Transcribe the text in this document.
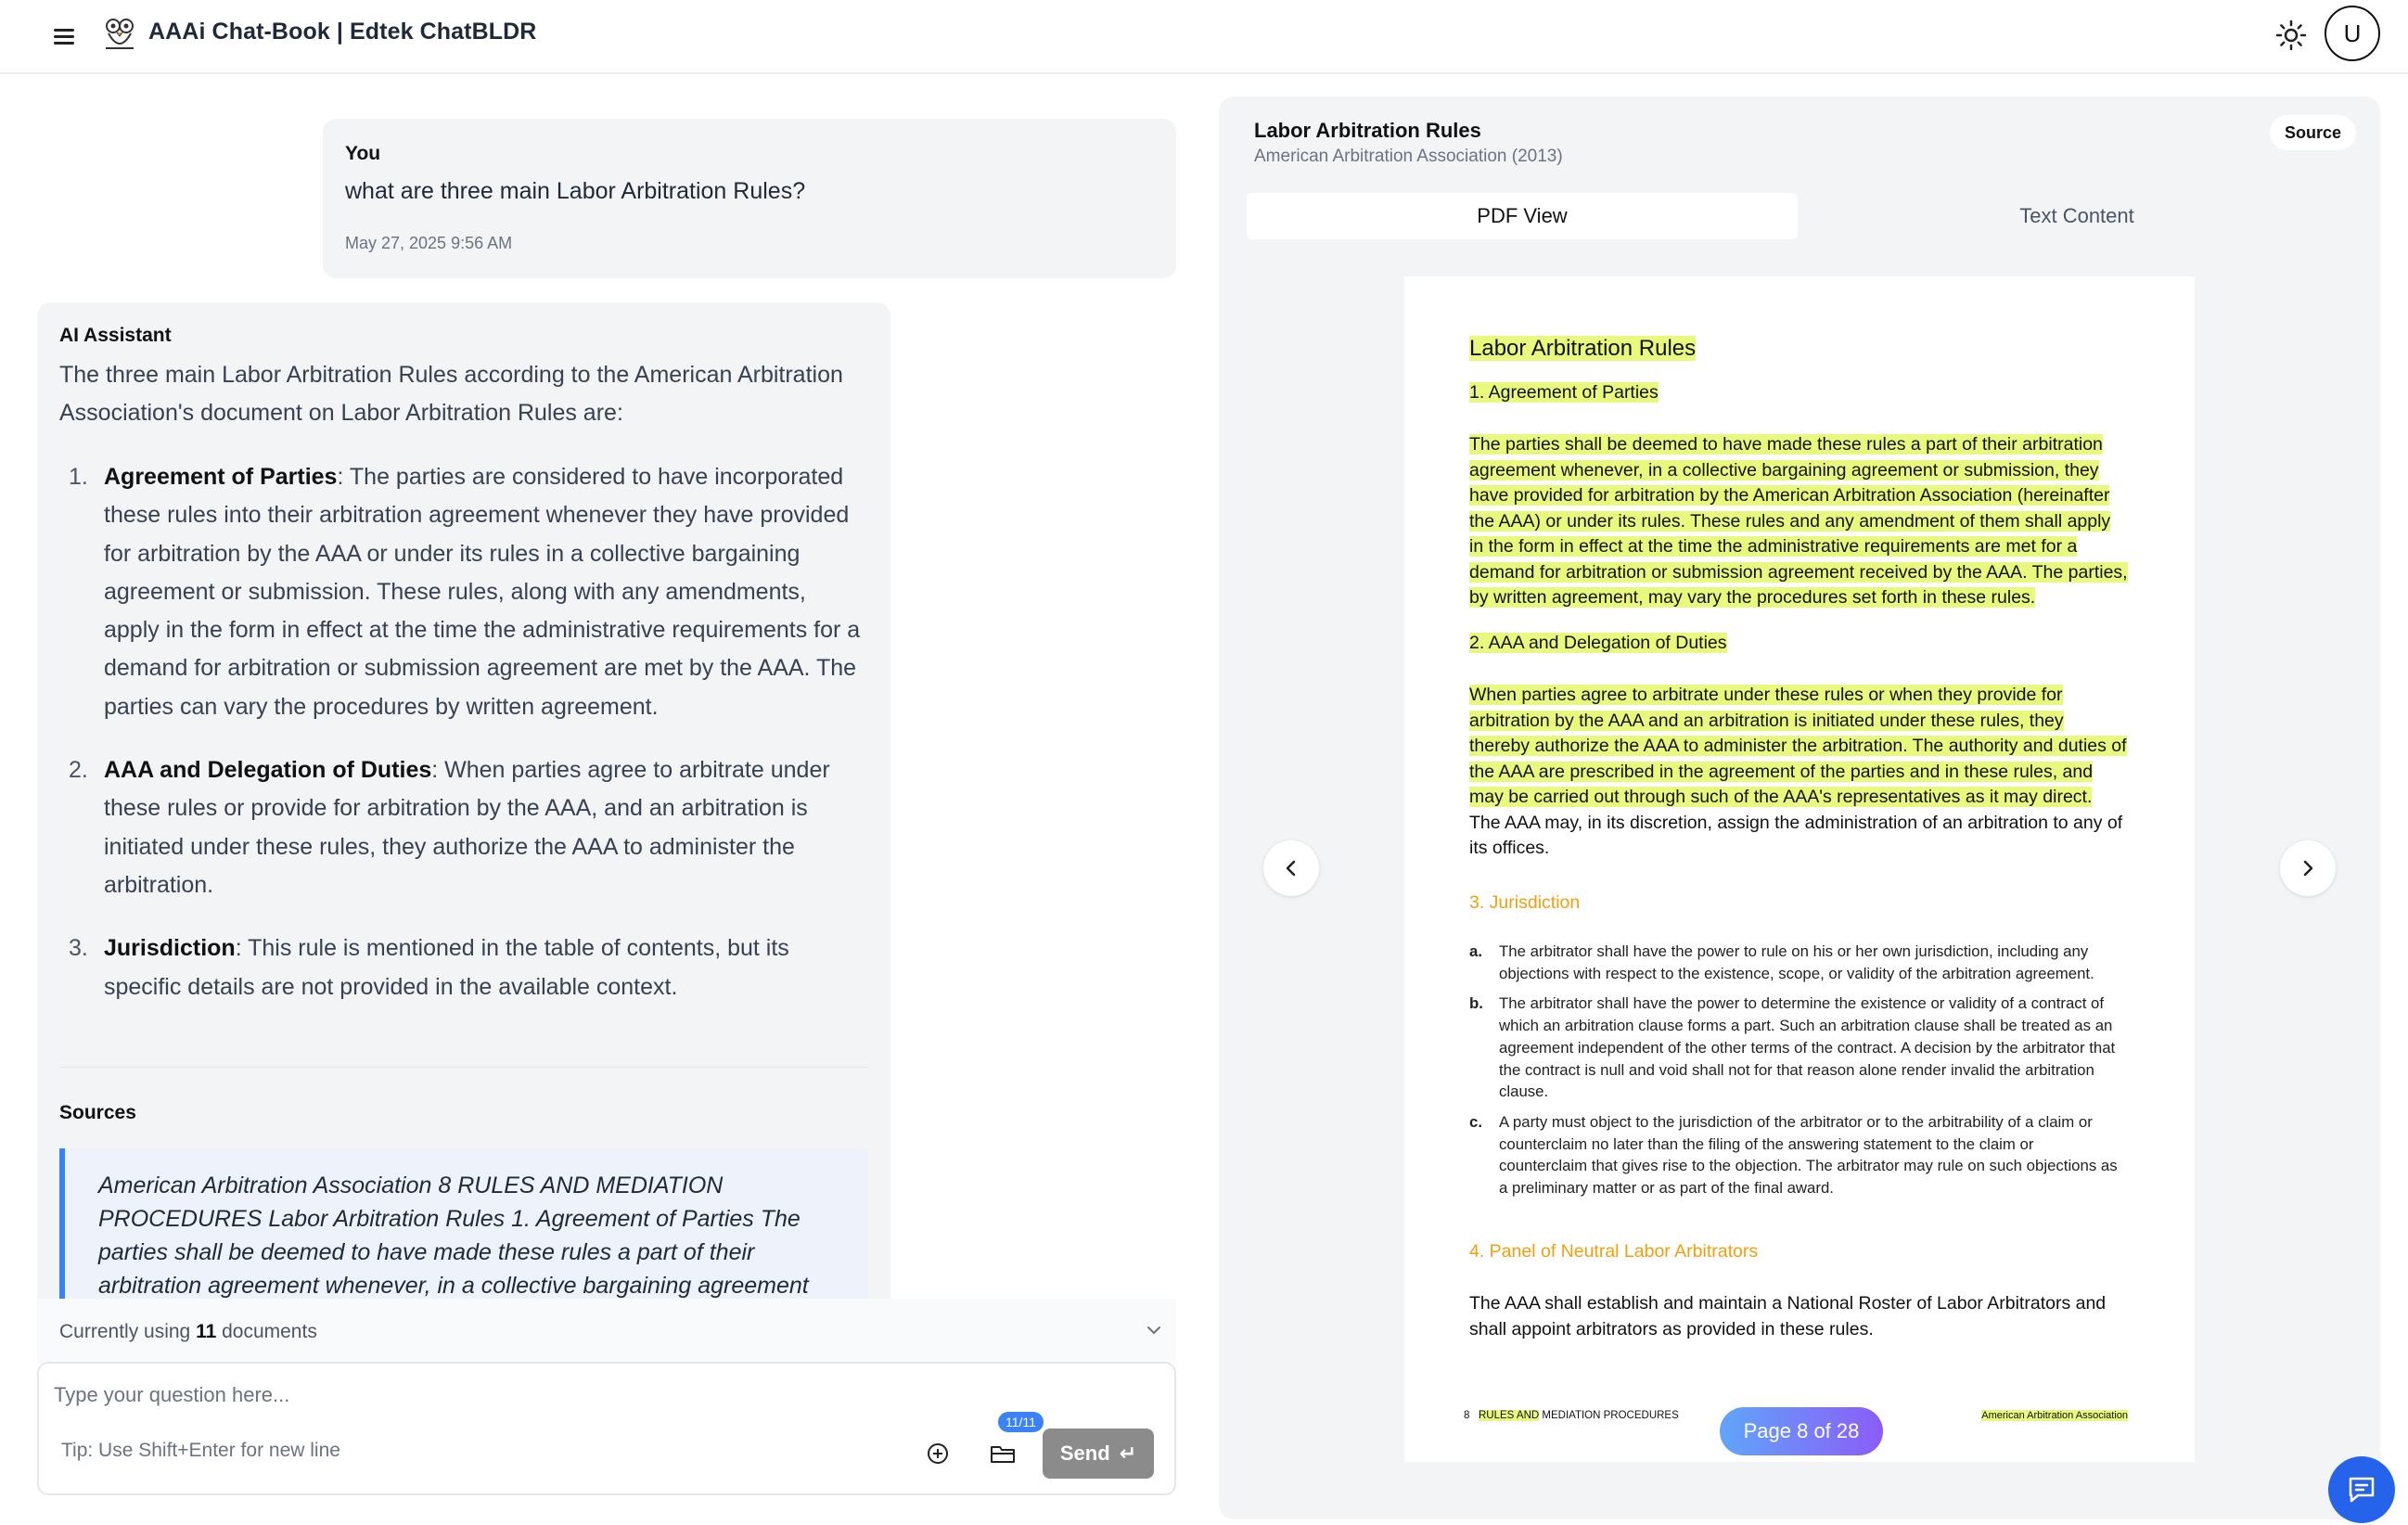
AAAi Chat-Book | Edtek ChatBLDR	U
You
what are three main Labor Arbitration Rules?
May 27, 2025 9:56 AM
AI Assistant
The three main Labor Arbitration Rules according to the American Arbitration Association's document on Labor Arbitration Rules are:
1. Agreement of Parties: The parties are considered to have incorporated these rules into their arbitration agreement whenever they have provided for arbitration by the AAA or under its rules in a collective bargaining agreement or submission. These rules, along with any amendments, apply in the form in effect at the time the administrative requirements for a demand for arbitration or submission agreement are met by the AAA. The parties can vary the procedures by written agreement.
2. AAA and Delegation of Duties: When parties agree to arbitrate under these rules or provide for arbitration by the AAA, and an arbitration is initiated under these rules, they authorize the AAA to administer the arbitration.
3. Jurisdiction: This rule is mentioned in the table of contents, but its specific details are not provided in the available context.
Sources
American Arbitration Association 8 RULES AND MEDIATION PROCEDURES Labor Arbitration Rules 1. Agreement of Parties The parties shall be deemed to have made these rules a part of their arbitration agreement whenever, in a collective bargaining agreement
Currently using 11 documents
Type your question here...
Tip: Use Shift+Enter for new line
11/11
Send ↵
Labor Arbitration Rules
American Arbitration Association (2013)
Source
PDF View	Text Content
Labor Arbitration Rules
1. Agreement of Parties
The parties shall be deemed to have made these rules a part of their arbitration agreement whenever, in a collective bargaining agreement or submission, they have provided for arbitration by the American Arbitration Association (hereinafter the AAA) or under its rules. These rules and any amendment of them shall apply in the form in effect at the time the administrative requirements are met for a demand for arbitration or submission agreement received by the AAA. The parties, by written agreement, may vary the procedures set forth in these rules.
2. AAA and Delegation of Duties
When parties agree to arbitrate under these rules or when they provide for arbitration by the AAA and an arbitration is initiated under these rules, they thereby authorize the AAA to administer the arbitration. The authority and duties of the AAA are prescribed in the agreement of the parties and in these rules, and may be carried out through such of the AAA's representatives as it may direct. The AAA may, in its discretion, assign the administration of an arbitration to any of its offices.
3. Jurisdiction
a. The arbitrator shall have the power to rule on his or her own jurisdiction, including any objections with respect to the existence, scope, or validity of the arbitration agreement.
b. The arbitrator shall have the power to determine the existence or validity of a contract of which an arbitration clause forms a part. Such an arbitration clause shall be treated as an agreement independent of the other terms of the contract. A decision by the arbitrator that the contract is null and void shall not for that reason alone render invalid the arbitration clause.
c. A party must object to the jurisdiction of the arbitrator or to the arbitrability of a claim or counterclaim no later than the filing of the answering statement to the claim or counterclaim that gives rise to the objection. The arbitrator may rule on such objections as a preliminary matter or as part of the final award.
4. Panel of Neutral Labor Arbitrators
The AAA shall establish and maintain a National Roster of Labor Arbitrators and shall appoint arbitrators as provided in these rules.
8 RULES AND MEDIATION PROCEDURES	American Arbitration Association
Page 8 of 28
